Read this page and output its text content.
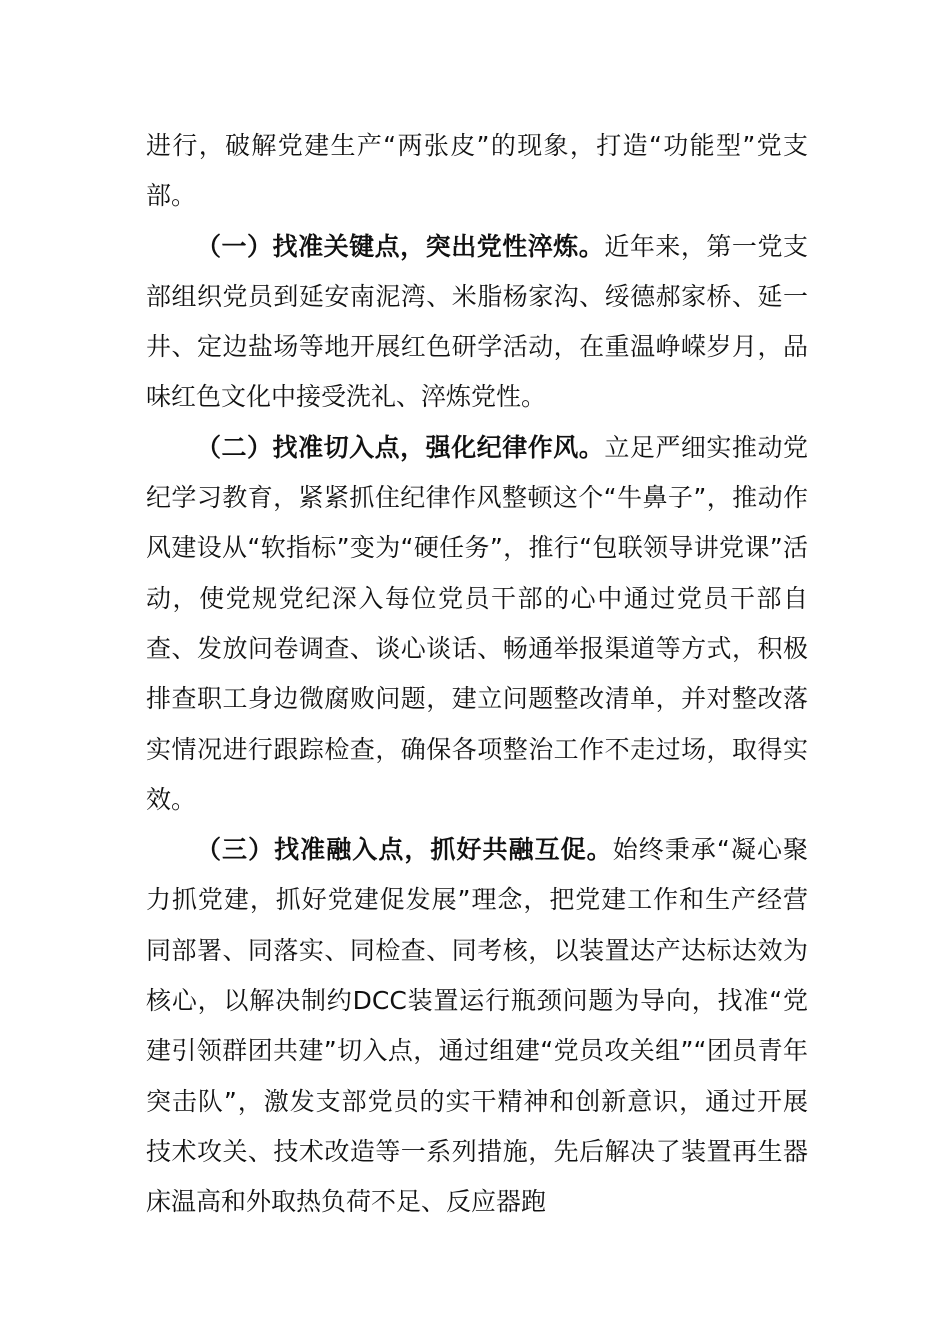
进行，破解党建生产“两张皮”的现象，打造“功能型”党支部。

（一）找准关键点，突出党性淬炼。近年来，第一党支部组织党员到延安南泥湾、米脂杨家沟、绥德郝家桥、延一井、定边盐场等地开展红色研学活动，在重温峥嵘岁月，品味红色文化中接受洗礼、淬炼党性。

（二）找准切入点，强化纪律作风。立足严细实推动党纪学习教育，紧紧抓住纪律作风整顿这个“牛鼻子”，推动作风建设从“软指标”变为“硬任务”，推行“包联领导讲党课”活动，使党规党纪深入每位党员干部的心中通过党员干部自查、发放问卷调查、谈心谈话、畅通举报渠道等方式，积极排查职工身边微腐败问题，建立问题整改清单，并对整改落实情况进行跟踪检查，确保各项整治工作不走过场，取得实效。

（三）找准融入点，抓好共融互促。始终秉承“凝心聚力抓党建，抓好党建促发展”理念，把党建工作和生产经营同部署、同落实、同检查、同考核，以装置达产达标达效为核心，以解决制约DCC装置运行瓶颈问题为导向，找准“党建引领群团共建”切入点，通过组建“党员攻关组”“团员青年突击队”，激发支部党员的实干精神和创新意识，通过开展技术攻关、技术改造等一系列措施，先后解决了装置再生器床温高和外取热负荷不足、反应器跑
